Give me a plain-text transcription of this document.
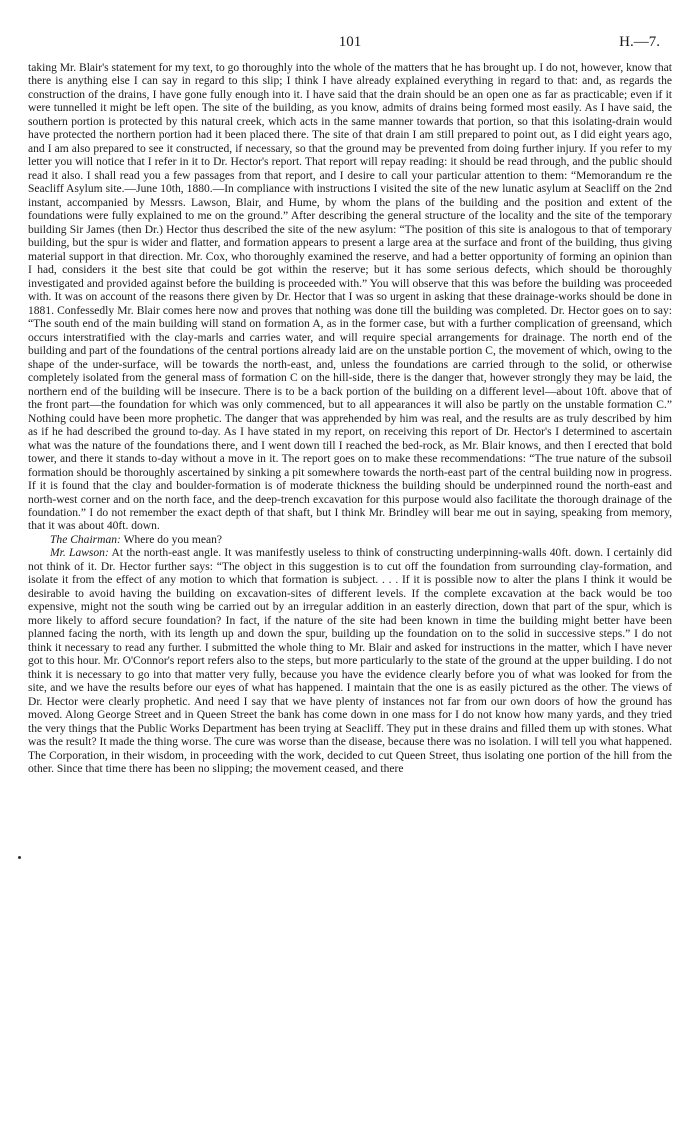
101	H.—7.

taking Mr. Blair's statement for my text, to go thoroughly into the whole of the matters that he has brought up. I do not, however, know that there is anything else I can say in regard to this slip; I think I have already explained everything in regard to that: and, as regards the construction of the drains, I have gone fully enough into it. I have said that the drain should be an open one as far as practicable; even if it were tunnelled it might be left open. The site of the building, as you know, admits of drains being formed most easily. As I have said, the southern portion is protected by this natural creek, which acts in the same manner towards that portion, so that this isolating-drain would have protected the northern portion had it been placed there. The site of that drain I am still prepared to point out, as I did eight years ago, and I am also prepared to see it constructed, if necessary, so that the ground may be prevented from doing further injury. If you refer to my letter you will notice that I refer in it to Dr. Hector's report. That report will repay reading: it should be read through, and the public should read it also. I shall read you a few passages from that report, and I desire to call your particular attention to them: “Memorandum re the Seacliff Asylum site.—June 10th, 1880.—In compliance with instructions I visited the site of the new lunatic asylum at Seacliff on the 2nd instant, accompanied by Messrs. Lawson, Blair, and Hume, by whom the plans of the building and the position and extent of the foundations were fully explained to me on the ground.” After describing the general structure of the locality and the site of the temporary building Sir James (then Dr.) Hector thus described the site of the new asylum: “The position of this site is analogous to that of temporary building, but the spur is wider and flatter, and formation appears to present a large area at the surface and front of the building, thus giving material support in that direction. Mr. Cox, who thoroughly examined the reserve, and had a better opportunity of forming an opinion than I had, considers it the best site that could be got within the reserve; but it has some serious defects, which should be thoroughly investigated and provided against before the building is proceeded with.” You will observe that this was before the building was proceeded with. It was on account of the reasons there given by Dr. Hector that I was so urgent in asking that these drainage-works should be done in 1881. Confessedly Mr. Blair comes here now and proves that nothing was done till the building was completed. Dr. Hector goes on to say: “The south end of the main building will stand on formation A, as in the former case, but with a further complication of greensand, which occurs interstratified with the clay-marls and carries water, and will require special arrangements for drainage. The north end of the building and part of the foundations of the central portions already laid are on the unstable portion C, the movement of which, owing to the shape of the under-surface, will be towards the north-east, and, unless the foundations are carried through to the solid, or otherwise completely isolated from the general mass of formation C on the hill-side, there is the danger that, however strongly they may be laid, the northern end of the building will be insecure. There is to be a back portion of the building on a different level—about 10ft. above that of the front part—the foundation for which was only commenced, but to all appearances it will also be partly on the unstable formation C.” Nothing could have been more prophetic. The danger that was apprehended by him was real, and the results are as truly described by him as if he had described the ground to-day. As I have stated in my report, on receiving this report of Dr. Hector's I determined to ascertain what was the nature of the foundations there, and I went down till I reached the bed-rock, as Mr. Blair knows, and then I erected that bold tower, and there it stands to-day without a move in it. The report goes on to make these recommendations: “The true nature of the subsoil formation should be thoroughly ascertained by sinking a pit somewhere towards the north-east part of the central building now in progress. If it is found that the clay and boulder-formation is of moderate thickness the building should be underpinned round the north-east and north-west corner and on the north face, and the deep-trench excavation for this purpose would also facilitate the thorough drainage of the foundation.” I do not remember the exact depth of that shaft, but I think Mr. Brindley will bear me out in saying, speaking from memory, that it was about 40ft. down.

The Chairman: Where do you mean?

Mr. Lawson: At the north-east angle. It was manifestly useless to think of constructing underpinning-walls 40ft. down. I certainly did not think of it. Dr. Hector further says: “The object in this suggestion is to cut off the foundation from surrounding clay-formation, and isolate it from the effect of any motion to which that formation is subject. . . . If it is possible now to alter the plans I think it would be desirable to avoid having the building on excavation-sites of different levels. If the complete excavation at the back would be too expensive, might not the south wing be carried out by an irregular addition in an easterly direction, down that part of the spur, which is more likely to afford secure foundation? In fact, if the nature of the site had been known in time the building might better have been planned facing the north, with its length up and down the spur, building up the foundation on to the solid in successive steps.” I do not think it necessary to read any further. I submitted the whole thing to Mr. Blair and asked for instructions in the matter, which I have never got to this hour. Mr. O'Connor's report refers also to the steps, but more particularly to the state of the ground at the upper building. I do not think it is necessary to go into that matter very fully, because you have the evidence clearly before you of what was looked for from the site, and we have the results before our eyes of what has happened. I maintain that the one is as easily pictured as the other. The views of Dr. Hector were clearly prophetic. And need I say that we have plenty of instances not far from our own doors of how the ground has moved. Along George Street and in Queen Street the bank has come down in one mass for I do not know how many yards, and they tried the very things that the Public Works Department has been trying at Seacliff. They put in these drains and filled them up with stones. What was the result? It made the thing worse. The cure was worse than the disease, because there was no isolation. I will tell you what happened. The Corporation, in their wisdom, in proceeding with the work, decided to cut Queen Street, thus isolating one portion of the hill from the other. Since that time there has been no slipping; the movement ceased, and there
